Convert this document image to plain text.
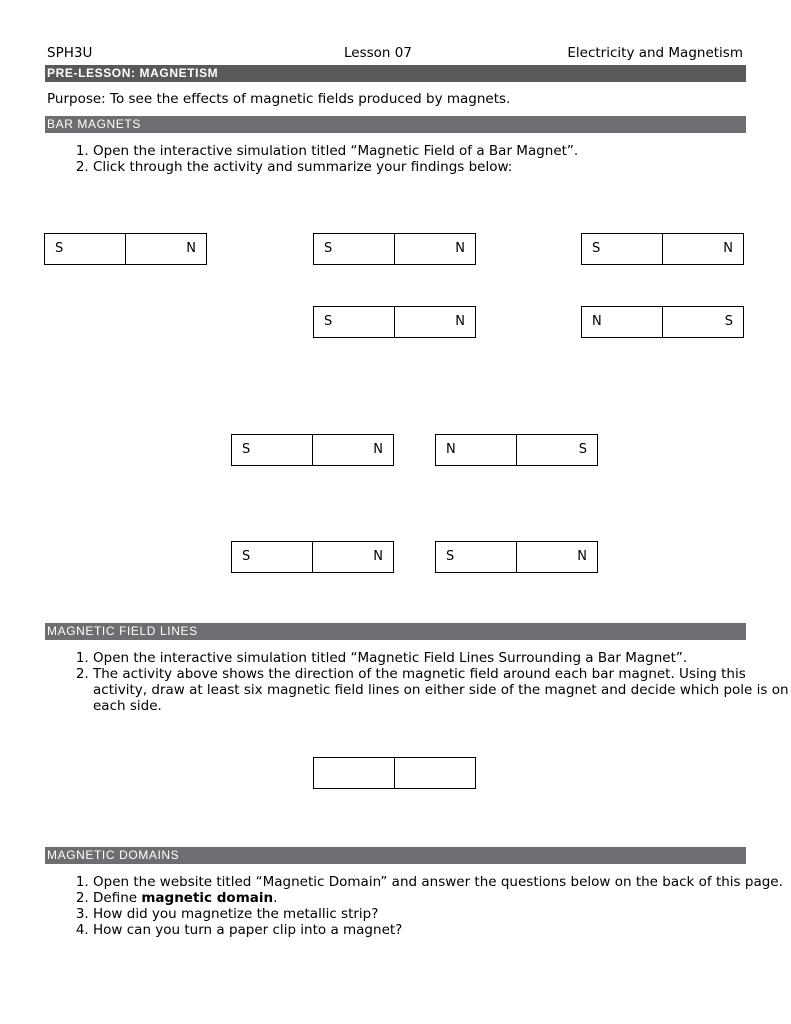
SPH3U	Lesson 07	Electricity and Magnetism
PRE-LESSON: MAGNETISM
Purpose: To see the effects of magnetic fields produced by magnets.
BAR MAGNETS
1. Open the interactive simulation titled “Magnetic Field of a Bar Magnet”.
2. Click through the activity and summarize your findings below:
S	N	S	N	S	N
S	N	N	S
S	N	N	S
S	N	S	N
MAGNETIC FIELD LINES
1. Open the interactive simulation titled “Magnetic Field Lines Surrounding a Bar Magnet”.
2. The activity above shows the direction of the magnetic field around each bar magnet. Using this activity, draw at least six magnetic field lines on either side of the magnet and decide which pole is on each side.
MAGNETIC DOMAINS
1. Open the website titled “Magnetic Domain” and answer the questions below on the back of this page.
2. Define magnetic domain.
3. How did you magnetize the metallic strip?
4. How can you turn a paper clip into a magnet?
